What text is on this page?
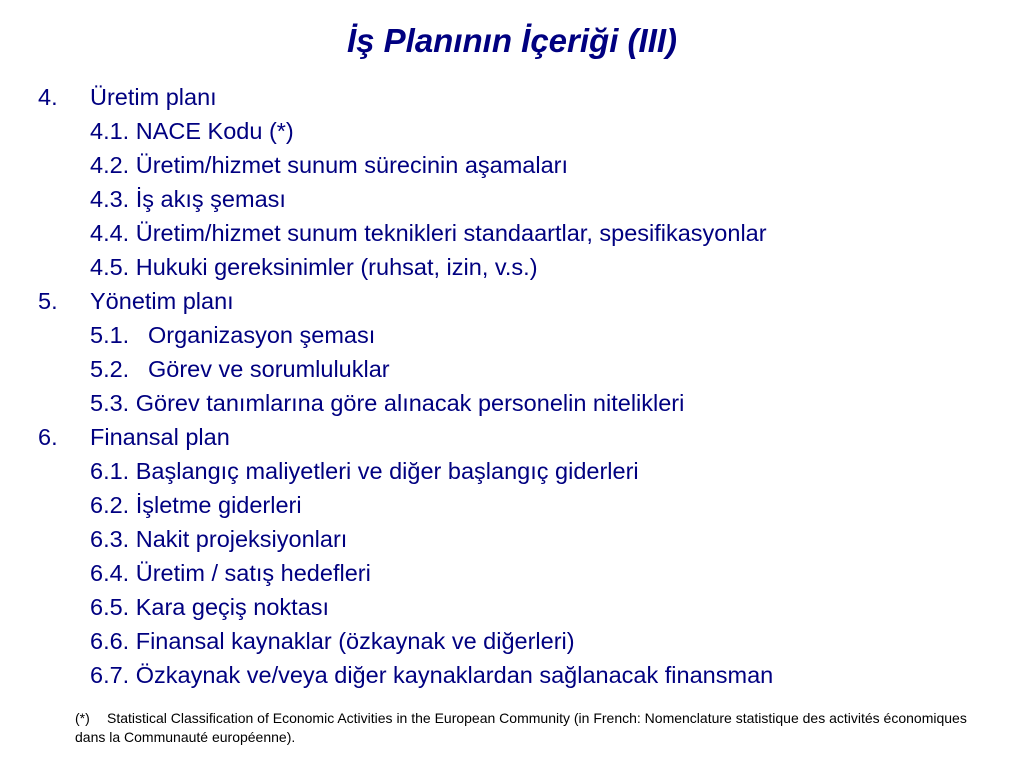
İş Planının İçeriği (III)
4. Üretim planı
4.1. NACE Kodu (*)
4.2. Üretim/hizmet sunum sürecinin aşamaları
4.3. İş akış şeması
4.4. Üretim/hizmet sunum teknikleri standaartlar, spesifikasyonlar
4.5. Hukuki gereksinimler (ruhsat, izin, v.s.)
5. Yönetim planı
5.1. Organizasyon şeması
5.2. Görev ve sorumluluklar
5.3. Görev tanımlarına göre alınacak personelin nitelikleri
6. Finansal plan
6.1. Başlangıç maliyetleri ve diğer başlangıç giderleri
6.2. İşletme giderleri
6.3. Nakit projeksiyonları
6.4. Üretim / satış hedefleri
6.5. Kara geçiş noktası
6.6. Finansal kaynaklar (özkaynak ve diğerleri)
6.7. Özkaynak ve/veya diğer kaynaklardan sağlanacak finansman
(*) Statistical Classification of Economic Activities in the European Community (in French: Nomenclature statistique des activités économiques dans la Communauté européenne).
